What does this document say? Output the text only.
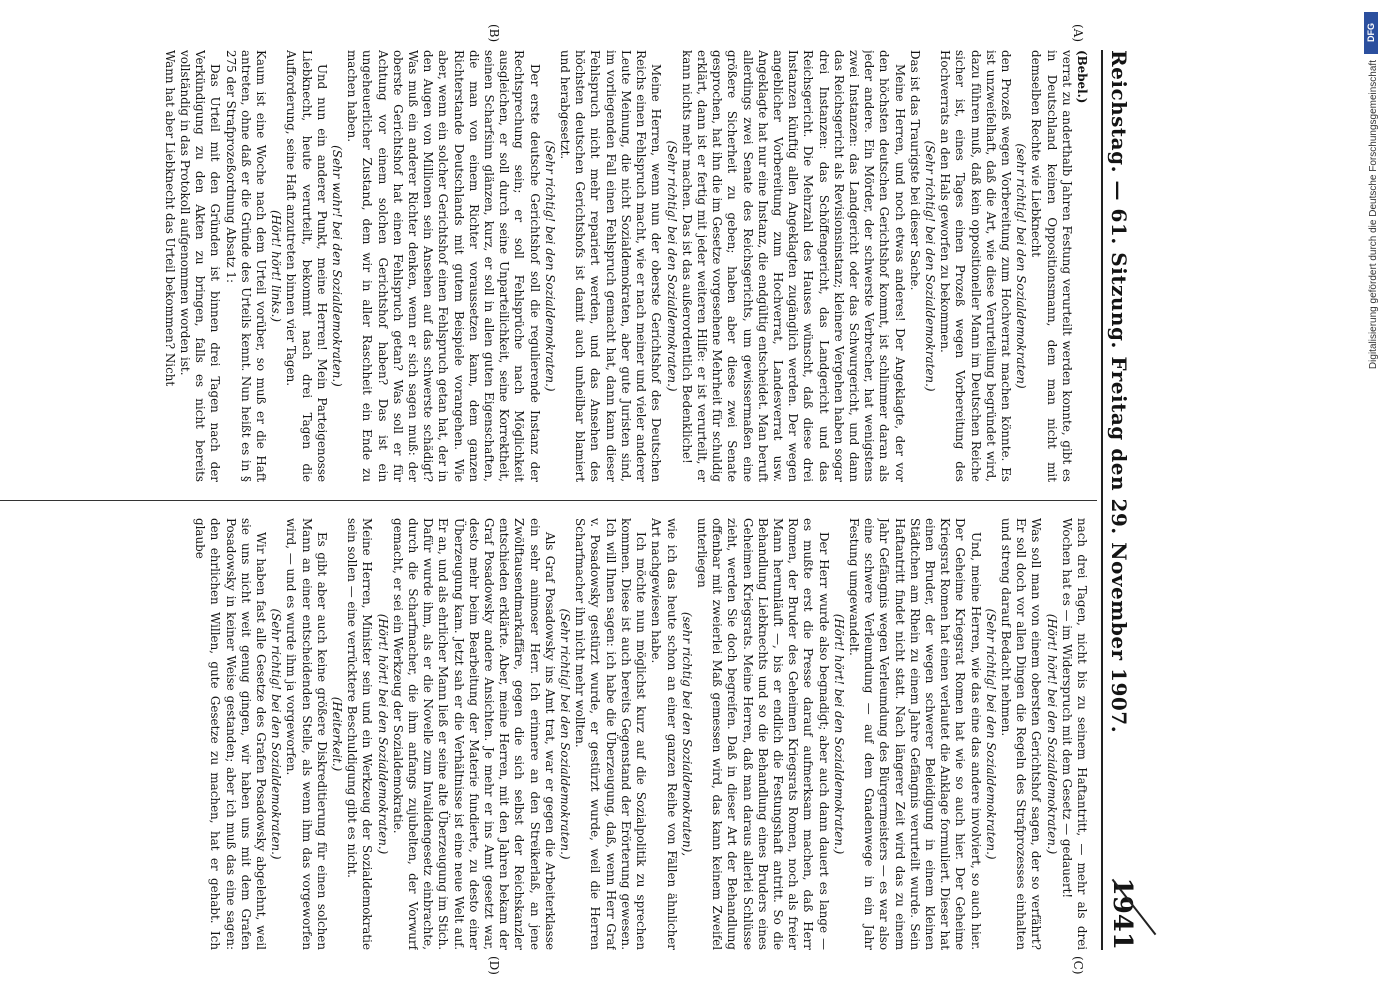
Reichstag. — 61. Sitzung. Freitag den 29. November 1907.
1941

(Bebel.)

verrat zu anderthalb Jahren Festung verurteilt werden konnte, gibt es in Deutschland keinen Oppositionsmann, dem man nicht mit demselben Rechte wie Liebknecht

(sehr richtig! bei den Sozialdemokraten)

den Prozeß wegen Vorbereitung zum Hochverrat machen könnte. Es ist unzweifelhaft, daß die Art, wie diese Verurteilung begründet wird, dazu führen muß, daß kein oppositioneller Mann im Deutschen Reiche sicher ist, eines Tages einen Prozeß wegen Vorbereitung des Hochverrats an den Hals geworfen zu bekommen.

(Sehr richtig! bei den Sozialdemokraten.)

Das ist das Traurigste bei dieser Sache.

Meine Herren, und noch etwas anderes! Der Angeklagte, der vor den höchsten deutschen Gerichtshof kommt, ist schlimmer daran als jeder andere. Ein Mörder, der schwerste Verbrecher, hat wenigstens zwei Instanzen: das Landgericht oder das Schwurgericht, und dann das Reichsgericht als Revisionsinstanz; kleinere Vergehen haben sogar drei Instanzen: das Schöffengericht, das Landgericht und das Reichsgericht. Die Mehrzahl des Hauses wünscht, daß diese drei Instanzen künftig allen Angeklagten zugänglich werden. Der wegen angeblicher Vorbereitung zum Hochverrat, Landesverrat usw. Angeklagte hat nur eine Instanz, die endgültig entscheidet. Man beruft allerdings zwei Senate des Reichsgerichts, um gewissermaßen eine größere Sicherheit zu geben; haben aber diese zwei Senate gesprochen, hat ihn die im Gesetze vorgesehene Mehrheit für schuldig erklärt, dann ist er fertig mit jeder weiteren Hilfe: er ist verurteilt, er kann nichts mehr machen. Das ist das außerordentlich Bedenkliche!

(Sehr richtig! bei den Sozialdemokraten.)

Meine Herren, wenn nun der oberste Gerichtshof des Deutschen Reichs einen Fehlspruch macht, wie er nach meiner und vieler anderer Leute Meinung, die nicht Sozialdemokraten, aber gute Juristen sind, im vorliegenden Fall einen Fehlspruch gemacht hat, dann kann dieser Fehlspruch nicht mehr repariert werden, und das Ansehen des höchsten deutschen Gerichtshofs ist damit auch unheilbar blamiert und herabgesetzt.

(Sehr richtig! bei den Sozialdemokraten.)

Der erste deutsche Gerichtshof soll die regulierende Instanz der Rechtsprechung sein; er soll Fehlsprüche nach Möglichkeit ausgleichen, er soll durch seine Unparteilichkeit, seine Korrektheit, seinen Scharfsinn glänzen, kurz, er soll in allen guten Eigenschaften, die man von einem Richter voraussetzen kann, dem ganzen Richterstande Deutschlands mit gutem Beispiele vorangehen. Wie aber, wenn ein solcher Gerichtshof einen Fehlspruch getan hat, der in den Augen von Millionen sein Ansehen auf das schwerste schädigt? Was muß ein anderer Richter denken, wenn er sich sagen muß: der oberste Gerichtshof hat einen Fehlspruch getan? Was soll er für Achtung vor einem solchen Gerichtshof haben? Das ist ein ungeheuerlicher Zustand, dem wir in aller Raschheit ein Ende zu machen haben.

(Sehr wahr! bei den Sozialdemokraten.)

Und nun ein anderer Punkt, meine Herren! Mein Parteigenosse Liebknecht, heute verurteilt, bekommt nach drei Tagen die Aufforderung, seine Haft anzutreten binnen vier Tagen.

(Hört! hört! links.)

Kaum ist eine Woche nach dem Urteil vorüber, so muß er die Haft antreten, ohne daß er die Gründe des Urteils kennt. Nun heißt es in § 275 der Strafprozeßordnung Absatz 1:

Das Urteil mit den Gründen ist binnen drei Tagen nach der Verkündigung zu den Akten zu bringen, falls es nicht bereits vollständig in das Protokoll aufgenommen worden ist.

Wann hat aber Liebknecht das Urteil bekommen? Nicht

nach drei Tagen, nicht bis zu seinem Haftantritt, — mehr als drei Wochen hat es — im Widerspruch mit dem Gesetz — gedauert!

(Hört! hört! bei den Sozialdemokraten.)

Was soll man von einem obersten Gerichtshof sagen, der so verfährt? Er soll doch vor allen Dingen die Regeln des Strafprozesses einhalten und streng darauf Bedacht nehmen.

(Sehr richtig! bei den Sozialdemokraten.)

Und, meine Herren, wie das eine das andere involviert, so auch hier. Der Geheime Kriegsrat Romen hat wie so auch hier. Der Geheime Kriegsrat Romen hat einen verlautet die Anklage formuliert. Dieser hat einen Bruder, der wegen schwerer Beleidigung in einem kleinen Städtchen am Rhein zu einem Jahre Gefängnis verurteilt wurde. Sein Haftantritt findet nicht statt. Nach längerer Zeit wird das zu einem Jahr Gefängnis wegen Verleumdung des Bürgermeisters — es war also eine schwere Verleumdung — auf dem Gnadenwege in ein Jahr Festung umgewandelt.

(Hört! hört! bei den Sozialdemokraten.)

Der Herr wurde also begnadigt; aber auch dann dauert es lange — es mußte erst die Presse darauf aufmerksam machen, daß Herr Romen, der Bruder des Geheimen Kriegsrats Romen, noch als freier Mann herumläuft —, bis er endlich die Festungshaft antritt. So die Behandlung Liebknechts und so die Behandlung eines Bruders eines Geheimen Kriegsrats. Meine Herren, daß man daraus allerlei Schlüsse zieht, werden Sie doch begreifen. Daß in dieser Art der Behandlung offenbar mit zweierlei Maß gemessen wird, das kann keinem Zweifel unterliegen

(sehr richtig bei den Sozialdemokraten),

wie ich das heute schon an einer ganzen Reihe von Fällen ähnlicher Art nachgewiesen habe.

Ich möchte nun möglichst kurz auf die Sozialpolitik zu sprechen kommen. Diese ist auch bereits Gegenstand der Erörterung gewesen. Ich will Ihnen sagen: ich habe die Überzeugung, daß, wenn Herr Graf v. Posadowsky gestürzt wurde, er gestürzt wurde, weil die Herren Scharfmacher ihn nicht mehr wollten.

(Sehr richtig! bei den Sozialdemokraten.)

Als Graf Posadowsky ins Amt trat, war er gegen die Arbeiterklasse ein sehr animoser Herr. Ich erinnere an den Streikerlaß, an jene Zwölftausendmarkaffäre, gegen die sich selbst der Reichskanzler entschieden erklärte. Aber, meine Herren, mit den Jahren bekam der Graf Posadowsky andere Ansichten. Je mehr er ins Amt gesetzt war, desto mehr beim Bearbeitung der Materie fundierte, zu desto einer Überzeugung kam. Jetzt sah er die Verhältnisse ist eine neue Welt auf. Er an, und als ehrlicher Mann ließ er seine alte Überzeugung im Stich. Dafür wurde ihm, als er die Novelle zum Invalidengesetz einbrachte, durch die Scharfmacher, die ihm anfangs zujubelten, der Vorwurf gemacht, er sei ein Werkzeug der Sozialdemokratie.

(Hört! hört! bei den Sozialdemokraten.)

Meine Herren, Minister sein und ein Werkzeug der Sozialdemokratie sein sollen — eine verrücktere Beschuldigung gibt es nicht.

(Heiterkeit.)

Es gibt aber auch keine größere Diskreditierung für einen solchen Mann an einer entscheidenden Stelle, als wenn ihm das vorgeworfen wird, — und es wurde ihm ja vorgeworfen.

(Sehr richtig! bei den Sozialdemokraten.)

Wir haben fast alle Gesetze des Grafen Posadowsky abgelehnt, weil sie uns nicht weit genug gingen, wir haben uns mit dem Grafen Posadowsky in keiner Weise gestanden; aber ich muß das eine sagen: den ehrlichen Willen, gute Gesetze zu machen, hat er gehabt. Ich glaube

(A)
(B)
(C)
(D)
DFG
Digitalisierung gefördert durch die Deutsche Forschungsgemeinschaft
